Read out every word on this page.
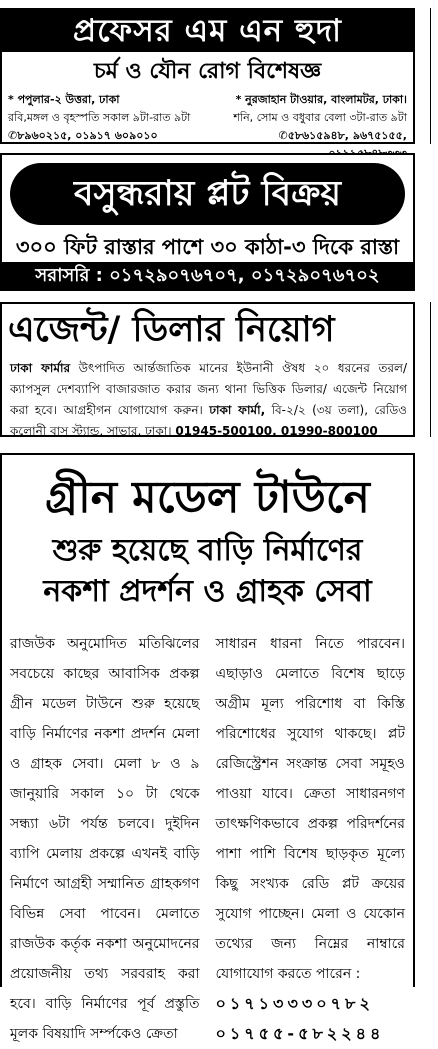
প্রফেসর এম এন হুদা
চর্ম ও যৌন রোগ বিশেষজ্ঞ
* পপুলার-২ উত্তরা, ঢাকা	* নুরজাহান টাওয়ার, বাংলামটর, ঢাকা।
রবি,মঙ্গল ও বৃহস্পতি সকাল ৯টা-রাত ৯টা	শনি, সোম ও বধুবার বেলা ৩টা-রাত ৯টা
✆৮৯৬০২১৫, ০১৯১৭ ৬০৯০১০	✆৫৮৬১৫৯৪৮, ৯৬৭৫১৫৫,
বসুন্ধরায় প্লট বিক্রয়
৩০০ ফিট রাস্তার পাশে ৩০ কাঠা-৩ দিকে রাস্তা
সরাসরি : ০১৭২৯০৭৬৭০৭, ০১৭২৯০৭৬৭০২
এজেন্ট/ ডিলার নিয়োগ
ঢাকা ফার্মার উৎপাদিত আর্ন্তজাতিক মানের ইউনানী ঔষধ ২০ ধরনের তরল/ ক্যাপসুল দেশব্যাপি বাজারজাত করার জন্য থানা ভিত্তিক ডিলার/ এজেন্ট নিয়োগ করা হবে। আগ্রহীগন যোগাযোগ করুন। ঢাকা ফার্মা, বি-২/২ (৩য় তলা), রেডিও কলোনী বাস স্ট্যান্ড, সাভার, ঢাকা। 01945-500100, 01990-800100
গ্রীন মডেল টাউনে
শুরু হয়েছে বাড়ি নির্মাণের
নকশা প্রদর্শন ও গ্রাহক সেবা
রাজউক অনুমোদিত মতিঝিলের সবচেয়ে কাছের আবাসিক প্রকল্প গ্রীন মডেল টাউনে শুরু হয়েছে বাড়ি নির্মাণের নকশা প্রদর্শন মেলা ও গ্রাহক সেবা। মেলা ৮ ও ৯ জানুয়ারি সকাল ১০ টা থেকে সন্ধ্যা ৬টা পর্যন্ত চলবে। দুইদিন ব্যাপি মেলায় প্রকল্পে এখনই বাড়ি নির্মাণে আগ্রহী সম্মানিত গ্রাহকগণ বিভিন্ন সেবা পাবেন। মেলাতে রাজউক কর্তৃক নকশা অনুমোদনের প্রয়োজনীয় তথ্য সরবরাহ করা হবে। বাড়ি নির্মাণের পূর্ব প্রস্তুতি মূলক বিষয়াদি সর্ম্পকেও ক্রেতা
সাধারন ধারনা নিতে পারবেন। এছাড়াও মেলাতে বিশেষ ছাড়ে অগ্রীম মূল্য পরিশোধ বা কিস্তি পরিশোধের সুযোগ থাকছে। প্লট রেজিস্ট্রেশন সংক্রান্ত সেবা সমূহও পাওয়া যাবে। ক্রেতা সাধারনগণ তাৎক্ষণিকভাবে প্রকল্প পরিদর্শনের পাশা পাশি বিশেষ ছাড়কৃত মূল্যে কিছু সংখ্যক রেডি প্লট ক্রয়ের সুযোগ পাচ্ছেন। মেলা ও যেকোন তথ্যের জন্য নিম্নের নাম্বারে যোগাযোগ করতে পারেন :
০১৭১৩৩৩০৭৮২
০১৭৫৫-৫৮২২৪৪
